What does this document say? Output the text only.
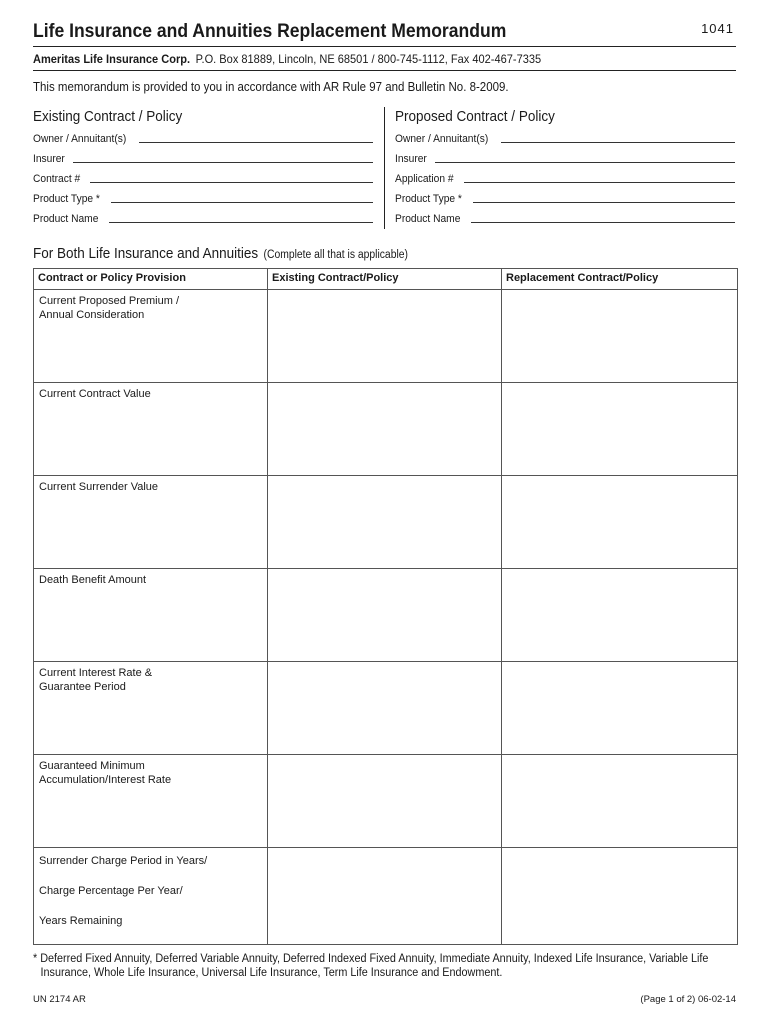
Life Insurance and Annuities Replacement Memorandum	1041
Ameritas Life Insurance Corp. P.O. Box 81889, Lincoln, NE 68501 / 800-745-1112, Fax 402-467-7335
This memorandum is provided to you in accordance with AR Rule 97 and Bulletin No. 8-2009.
Existing Contract / Policy
Owner / Annuitant(s)
Insurer
Contract #
Product Type *
Product Name
Proposed Contract / Policy
Owner / Annuitant(s)
Insurer
Application #
Product Type *
Product Name
For Both Life Insurance and Annuities (Complete all that is applicable)
Contract or Policy Provision	Existing Contract/Policy	Replacement Contract/Policy

Current Proposed Premium /
Annual Consideration		

Current Contract Value		
Current Surrender Value		
Death Benefit Amount		

Current Interest Rate &
Guarantee Period		

Guaranteed Minimum
Accumulation/Interest Rate		

Surrender Charge Period in Years/
Charge Percentage Per Year/
Years Remaining		

* Deferred Fixed Annuity, Deferred Variable Annuity, Deferred Indexed Fixed Annuity, Immediate Annuity, Indexed Life Insurance, Variable Life

Insurance, Whole Life Insurance, Universal Life Insurance, Term Life Insurance and Endowment.

UN 2174 AR	(Page 1 of 2) 06-02-14
